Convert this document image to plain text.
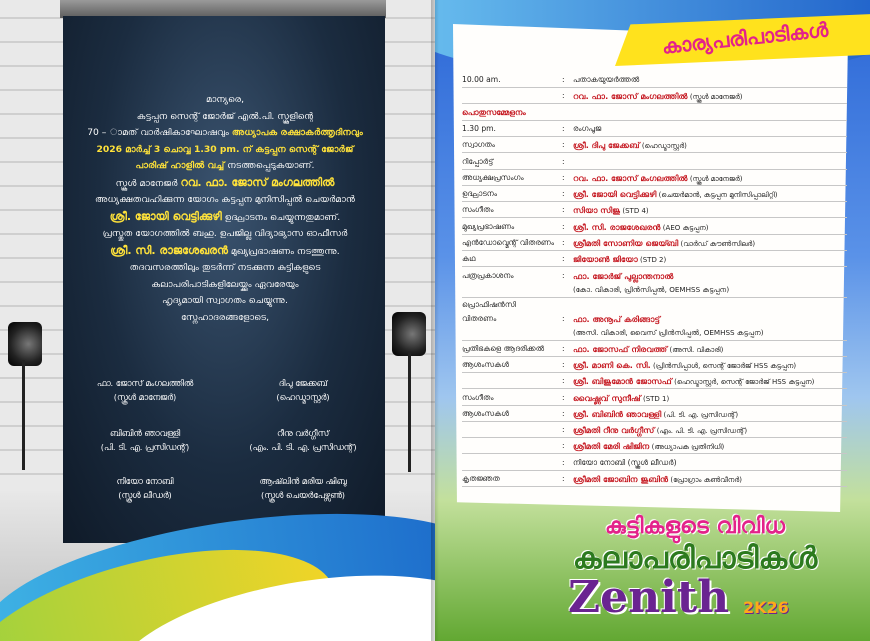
മാന്യരെ,
കട്ടപ്പന സെന്റ് ജോർജ് എൽ.പി. സ്കൂളിന്റെ
70 – ാമത് വാർഷികാഘോഷവും അധ്യാപക രക്ഷാകർത്തൃദിനവും
2026 മാർച്ച് 3 ചൊവ്വ 1.30 pm. ന് കട്ടപ്പന സെന്റ് ജോർജ്
പാരിഷ് ഹാളിൽ വച്ച് നടത്തപ്പെടുകയാണ്.
സ്കൂൾ മാനേജർ റവ. ഫാ. ജോസ് മംഗലത്തിൽ
അധ്യക്ഷതവഹിക്കുന്ന യോഗം കട്ടപ്പന മുനിസിപ്പൽ ചെയർമാൻ
ശ്രീ. ജോയി വെട്ടിക്കുഴി ഉദ്ഘാടനം ചെയ്യുന്നതുമാണ്.
പ്രസ്തുത യോഗത്തിൽ ബഹു. ഉപജില്ല വിദ്യാഭ്യാസ ഓഫീസർ
ശ്രീ. സി. രാജശേഖരൻ മുഖ്യപ്രഭാഷണം നടത്തുന്നു.
തദവസരത്തിലും തുടർന്ന് നടക്കുന്ന കുട്ടികളുടെ
കലാപരിപാടികളിലേയ്ക്കും ഏവരേയും
ഹൃദ്യമായി സ്വാഗതം ചെയ്യുന്നു.
സ്നേഹാദരങ്ങളോടെ,
ഫാ. ജോസ് മംഗലത്തിൽ
(സ്കൂൾ മാനേജർ)
ദിപു ജേക്കബ്
(ഹെഡ്മാസ്റ്റർ)
ബിബിൻ ഞാവള്ളി
(പി. ടി. എ. പ്രസിഡന്റ്)
റീനു വർഗ്ഗീസ്
(എം. പി. ടി. എ. പ്രസിഡന്റ്)
നിയോ നോബി
(സ്കൂൾ ലീഡർ)
ആഷ്‌ലിൻ മരിയ ഷിബു
(സ്കൂൾ ചെയർപേഴ്സൺ)
കാര്യപരിപാടികൾ
10.00 am.	: പതാകയുയർത്തൽ
: റവ. ഫാ. ജോസ് മംഗലത്തിൽ (സ്കൂൾ മാനേജർ)
പൊതുസമ്മേളനം
1.30 pm.	: രംഗപൂജ
സ്വാഗതം	: ശ്രീ. ദിപു ജേക്കബ് (ഹെഡ്മാസ്റ്റർ)
റിപ്പോർട്ട്	:
അധ്യക്ഷപ്രസംഗം	: റവ. ഫാ. ജോസ് മംഗലത്തിൽ (സ്കൂൾ മാനേജർ)
ഉദ്ഘാടനം	: ശ്രീ. ജോയി വെട്ടിക്കുഴി (ചെയർമാൻ, കട്ടപ്പന മുനിസിപ്പാലിറ്റി)
സംഗീതം	: സിയാ സിജു (STD 4)
മുഖ്യപ്രഭാഷണം	: ശ്രീ. സി. രാജശേഖരൻ (AEO കട്ടപ്പന)
എൻഡോവ്മെന്റ് വിതരണം	: ശ്രീമതി സോണിയ ജെയ്ബി (വാർഡ് കൗൺസിലർ)
കഥ	: ജിയോൺ ജിയോ (STD 2)
പത്രപ്രകാശനം	: ഫാ. ജോർജ് പുല്ലാന്തനാൽ
(കോ. വികാരി, പ്രിൻസിപ്പൽ, OEMHSS കട്ടപ്പന)
പ്രൊഫിഷൻസി
വിതരണം	: ഫാ. അനൂപ് കരിങ്ങാട്ട്
(അസി. വികാരി, വൈസ് പ്രിൻസിപ്പൽ, OEMHSS കട്ടപ്പന)
പ്രതിഭകളെ ആദരിക്കൽ	: ഫാ. ജോസഫ് നിരവത്ത് (അസി. വികാരി)
ആശംസകൾ	: ശ്രീ. മാണി കെ. സി. (പ്രിൻസിപ്പാൾ, സെന്റ് ജോർജ് HSS കട്ടപ്പന)
: ശ്രീ. ബിജുമോൻ ജോസഫ് (ഹെഡ്മാസ്റ്റർ, സെന്റ് ജോർജ് HSS കട്ടപ്പന)
സംഗീതം	: വൈഷ്ണവ് സുനീഷ് (STD 1)
ആശംസകൾ	: ശ്രീ. ബിബിൻ ഞാവള്ളി (പി. ടി. എ. പ്രസിഡന്റ്)
: ശ്രീമതി റീനു വർഗ്ഗീസ് (എം. പി. ടി. എ. പ്രസിഡന്റ്)
: ശ്രീമതി മേരി ഷിജിന (അധ്യാപക പ്രതിനിധി)
: നിയോ നോബി (സ്കൂൾ ലീഡർ)
കൃതജ്ഞത	: ശ്രീമതി ജോബിന ജുബിൻ (പ്രോഗ്രാം കൺവീനർ)
കുട്ടികളുടെ വിവിധ
കലാപരിപാടികൾ
Zenith 2K26
